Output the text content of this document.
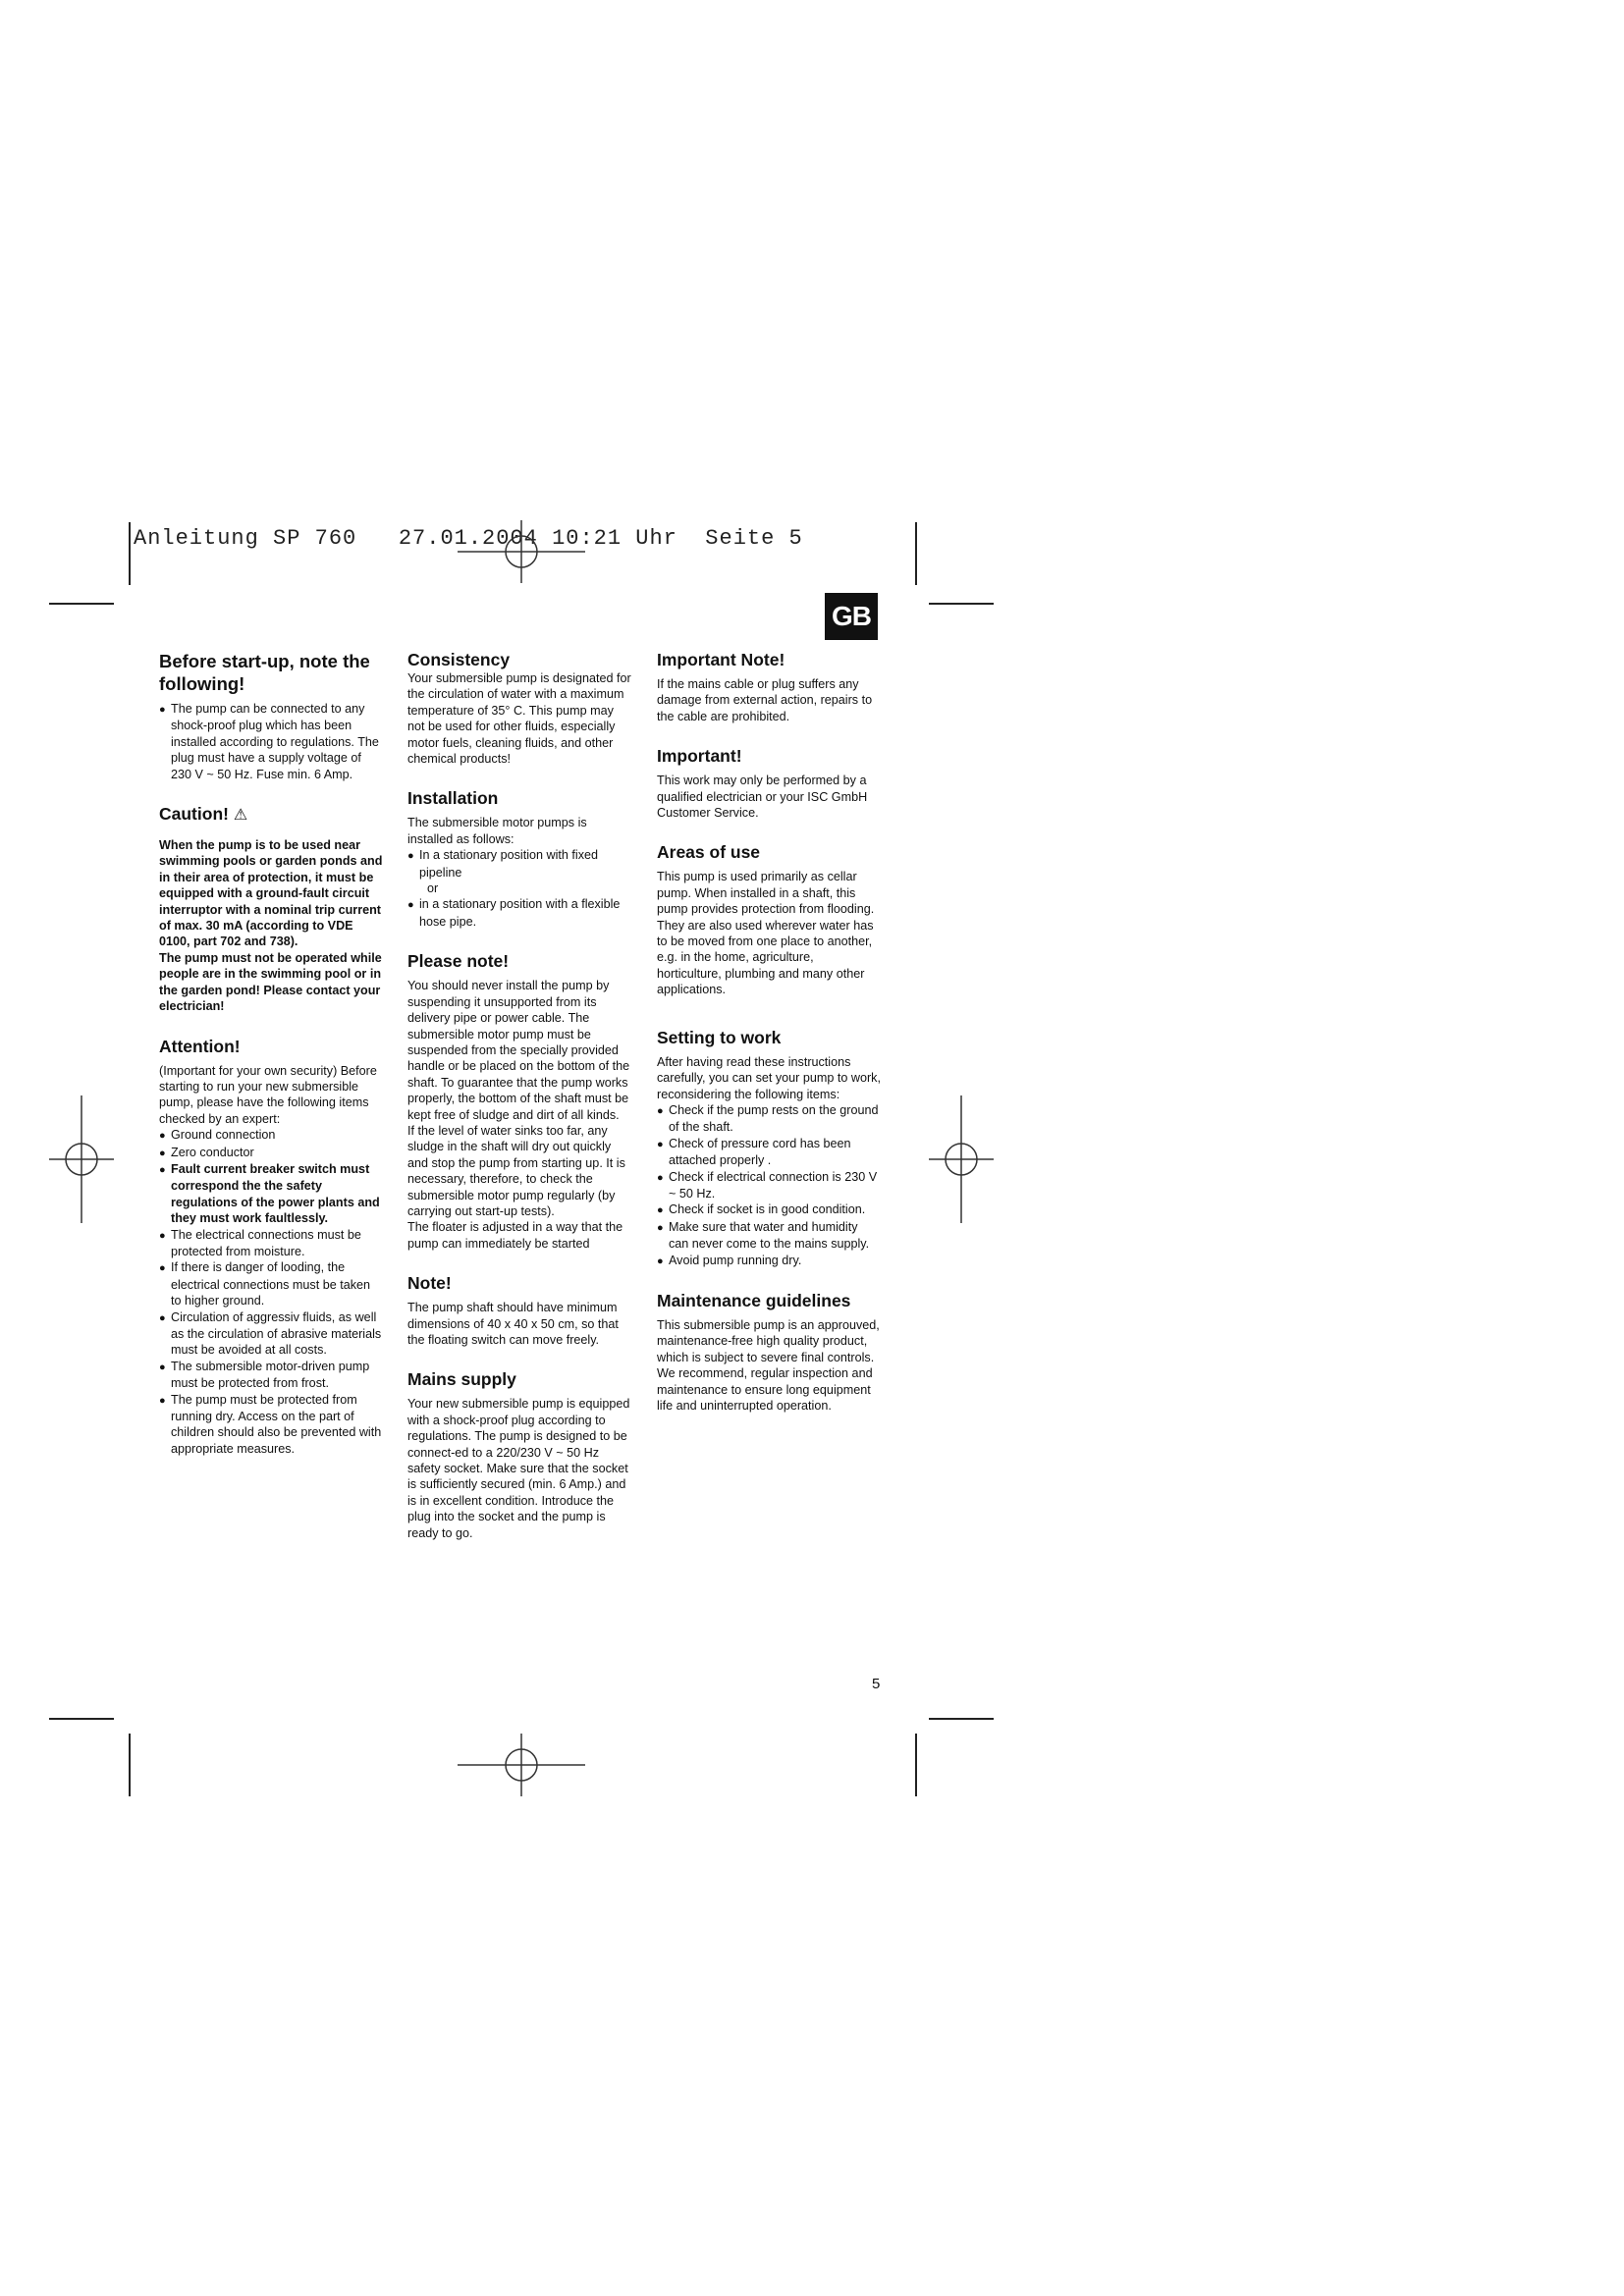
Anleitung SP 760   27.01.2004 10:21 Uhr  Seite 5
GB
Before start-up, note the following!

● The pump can be connected to any shock-proof plug which has been installed according to regulations. The plug must have a supply voltage of 230 V ~ 50 Hz. Fuse min. 6 Amp.

Caution! ⚠

When the pump is to be used near swimming pools or garden ponds and in their area of protection, it must be equipped with a ground-fault circuit interruptor with a nominal trip current of max. 30 mA (according to VDE 0100, part 702 and 738).

The pump must not be operated while people are in the swimming pool or in the garden pond! Please contact your electrician!

Attention!

(Important for your own security) Before starting to run your new submersible pump, please have the following items checked by an expert:

● Ground connection

● Zero conductor

● Fault current breaker switch must correspond the the safety regulations of the power plants and they must work faultlessly.

● The electrical connections must be protected from moisture.

● If there is danger of looding, the electrical connections must be taken to higher ground.

● Circulation of aggressiv fluids, as well as the circulation of abrasive materials must be avoided at all costs.

● The submersible motor-driven pump must be protected from frost.

● The pump must be protected from running dry. Access on the part of children should also be prevented with appropriate measures.

Consistency

Your submersible pump is designated for the circulation of water with a maximum temperature of 35° C. This pump may not be used for other fluids, especially motor fuels, cleaning fluids, and other chemical products!

Installation

The submersible motor pumps is installed as follows:

● In a stationary position with fixed pipeline

or

● in a stationary position with a flexible hose pipe.

Please note!

You should never install the pump by suspending it unsupported from its delivery pipe or power cable. The submersible motor pump must be suspended from the specially provided handle or be placed on the bottom of the shaft. To guarantee that the pump works properly, the bottom of the shaft must be kept free of sludge and dirt of all kinds.

If the level of water sinks too far, any sludge in the shaft will dry out quickly and stop the pump from starting up. It is necessary, therefore, to check the submersible motor pump regularly (by carrying out start-up tests).

The floater is adjusted in a way that the pump can immediately be started

Note!

The pump shaft should have minimum dimensions of 40 x 40 x 50 cm, so that the floating switch can move freely.

Mains supply

Your new submersible pump is equipped with a shock-proof plug according to regulations. The pump is designed to be connect-ed to a 220/230 V ~ 50 Hz safety socket. Make sure that the socket is sufficiently secured (min. 6 Amp.) and is in excellent condition. Introduce the plug into the socket and the pump is ready to go.

Important Note!

If the mains cable or plug suffers any damage from external action, repairs to the cable are prohibited.

Important!

This work may only be performed by a qualified electrician or your ISC GmbH Customer Service.

Areas of use

This pump is used primarily as cellar pump. When installed in a shaft, this pump provides protection from flooding.

They are also used wherever water has to be moved from one place to another, e.g. in the home, agriculture, horticulture, plumbing and many other applications.

Setting to work

After having read these instructions carefully, you can set your pump to work, reconsidering the following items:

● Check if the pump rests on the ground of the shaft.

● Check of pressure cord has been attached properly .

● Check if electrical connection is 230 V ~ 50 Hz.

● Check if socket is in good condition.

● Make sure that water and humidity can never come to the mains supply.

● Avoid pump running dry.

Maintenance guidelines

This submersible pump is an approuved, maintenance-free high quality product, which is subject to severe final controls.

We recommend, regular inspection and maintenance to ensure long equipment life and uninterrupted operation.

5
